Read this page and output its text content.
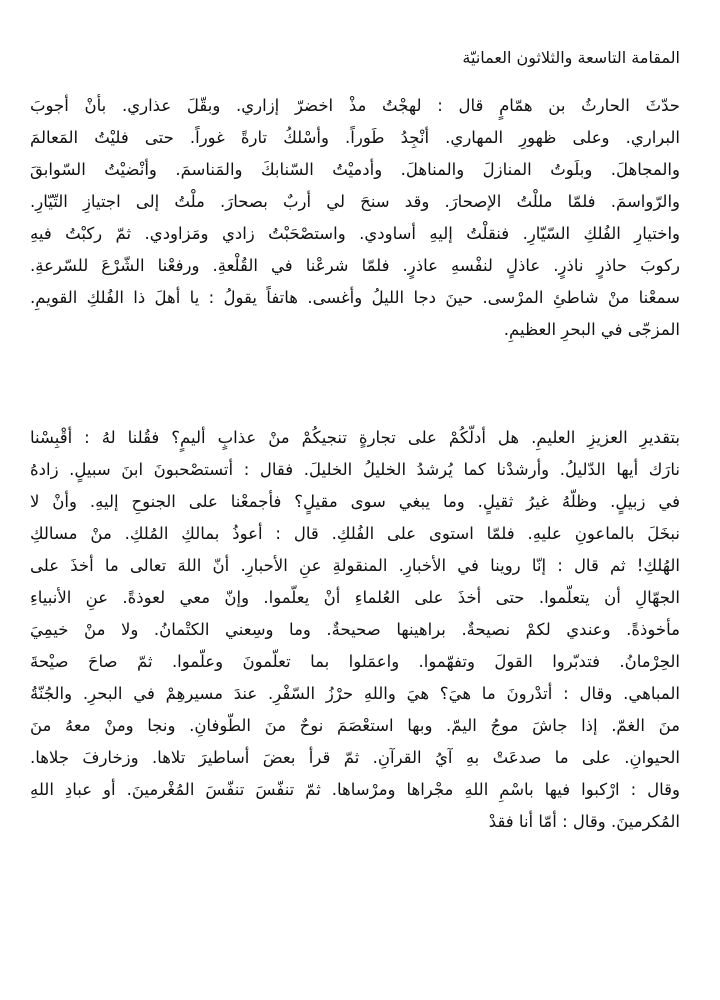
المقامة التاسعة والثلاثون العمانيّة
حدّثَ الحارثُ بن همّامٍ قال : لهجْتُ مذْ اخضرّ إزاري. وبقّلَ عذاري. بأنْ أجوبَ
البراري. وعلى ظهورِ المهاري. أنْجِدُ طَوراً. وأسْلكُ تارةً غوراً. حتى فليْتُ المَعالمَ
والمجاهلَ. وبلَوتُ المنازلَ والمناهلَ. وأدميْتُ السّنابكَ والمَناسمَ. وأنْضيْتُ السّوابقَ
والرّواسمَ. فلمّا مللْتُ الإصحارَ. وقد سنحَ لي أربٌ بصحارَ. ملْتُ إلى اجتيازِ التّيّارِ.
واختيارِ الفُلكِ السّيّارِ. فنقلْتُ إليهِ أساودي. واستصْحَبْتُ زادي ومَزاودي. ثمّ ركبْتُ فيهِ
ركوبَ حاذرٍ ناذرٍ. عاذلٍ لنفْسهِ عاذرٍ. فلمّا شرعْنا في القُلْعةِ. ورفعْنا الشّرْعَ للسّرعةِ.
سمعْنا منْ شاطئِ المرْسى. حينَ دجا الليلُ وأغسى. هاتفاً يقولُ : يا أهلَ ذا الفُلكِ القويمِ.
المزجّى في البحرِ العظيمِ.
بتقديرِ العزيزِ العليمِ. هل أدلّكُمْ على تجارةٍ تنجيكُمْ منْ عذابٍ أليمٍ؟ فقُلنا لهُ : أقْبِسْنا
نارَك أيها الدّليلُ. وأرشدْنا كما يُرشدُ الخليلُ الخليلَ. فقال : أتستصْحبونَ ابنَ سبيلٍ. زادهُ
في زبيلٍ. وظلّهُ غيرُ ثقيلٍ. وما يبغي سوى مقيلٍ؟ فأجمعْنا على الجنوحِ إليهِ. وأنْ لا
نبخَلَ بالماعونِ عليهِ. فلمّا استوى على الفُلكِ. قال : أعوذُ بمالكِ المُلكِ. منْ مسالكِ
الهُلكِ! ثم قال : إنّا روينا في الأخبارِ. المنقولةِ عنِ الأحبارِ. أنّ اللهَ تعالى ما أخذَ على
الجهّالِ أن يتعلّموا. حتى أخذَ على العُلماءِ أنْ يعلّموا. وإنّ معي لعوذةً. عنِ الأنبياءِ
مأخوذةً. وعندي لكمْ نصيحةٌ. براهينها صحيحةٌ. وما وسِعني الكتْمانُ. ولا منْ خيمِيَ
الحِرْمانُ. فتدبّروا القولَ وتفهّموا. واعمَلوا بما تعلّمونَ وعلّموا. ثمّ صاحَ صيْحةَ
المباهي. وقال : أتدْرونَ ما هيَ؟ هيَ واللهِ حرْزُ السّفْرِ. عندَ مسيرهِمْ في البحرِ. والجُنّةُ
منَ الغمّ. إذا جاشَ موجُ اليمّ. وبها استعْصَمَ نوحٌ منَ الطّوفانِ. ونجا ومنْ معهُ منَ
الحيوانِ. على ما صدعَتْ بهِ آيُ القرآنِ. ثمّ قرأ بعضَ أساطيرَ تلاها. وزخارفَ جلاها.
وقال : ارْكبوا فيها باسْمِ اللهِ مجْراها ومرْساها. ثمّ تنفّسَ تنفّسَ المُغْرمينَ. أو عبادِ اللهِ
المُكرمينَ. وقال : أمّا أنا فقدْ
